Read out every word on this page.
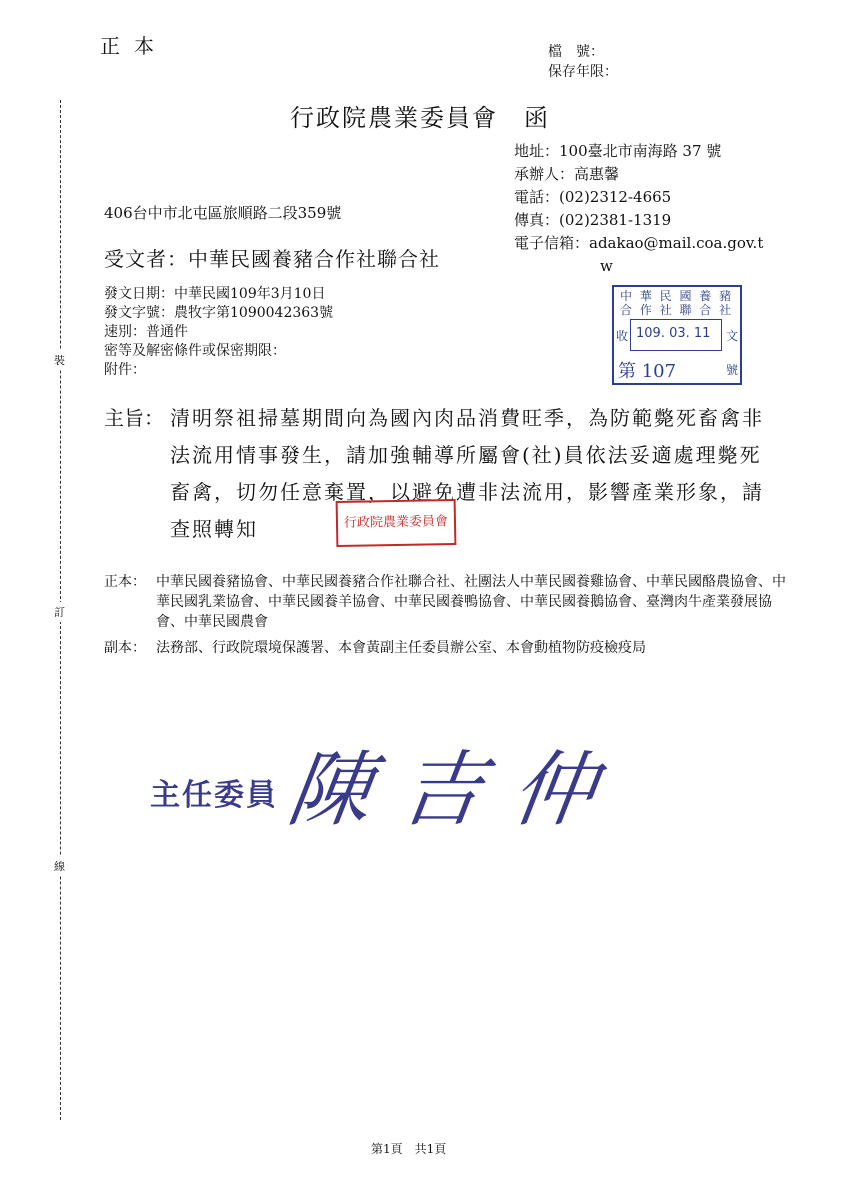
正本	檔　號：
保存年限：
行政院農業委員會　函
地址：100臺北市南海路 37 號
承辦人：高惠馨
電話：(02)2312-4665
傳真：(02)2381-1319
電子信箱：adakao@mail.coa.gov.t
w
406台中市北屯區旅順路二段359號
受文者：中華民國養豬合作社聯合社
發文日期：中華民國109年3月10日
發文字號：農牧字第1090042363號
速別：普通件
密等及解密條件或保密期限：
附件：
中 華 民 國 養 豬
合 作 社 聯 合 社
收 109. 03. 11 文
第 107	號
主旨： 清明祭祖掃墓期間向為國內肉品消費旺季，為防範斃死畜禽非法流用情事發生，請加強輔導所屬會(社)員依法妥適處理斃死畜禽，切勿任意棄置，以避免遭非法流用，影響產業形象，請查照轉知	行政院農業委員會
正本： 中華民國養豬協會、中華民國養豬合作社聯合社、社團法人中華民國養雞協會、中華民國酪農協會、中華民國乳業協會、中華民國養羊協會、中華民國養鴨協會、中華民國養鵝協會、臺灣肉牛產業發展協會、中華民國農會
副本： 法務部、行政院環境保護署、本會黃副主任委員辦公室、本會動植物防疫檢疫局
主任委員 陳吉仲
裝
訂
線
第1頁　共1頁
